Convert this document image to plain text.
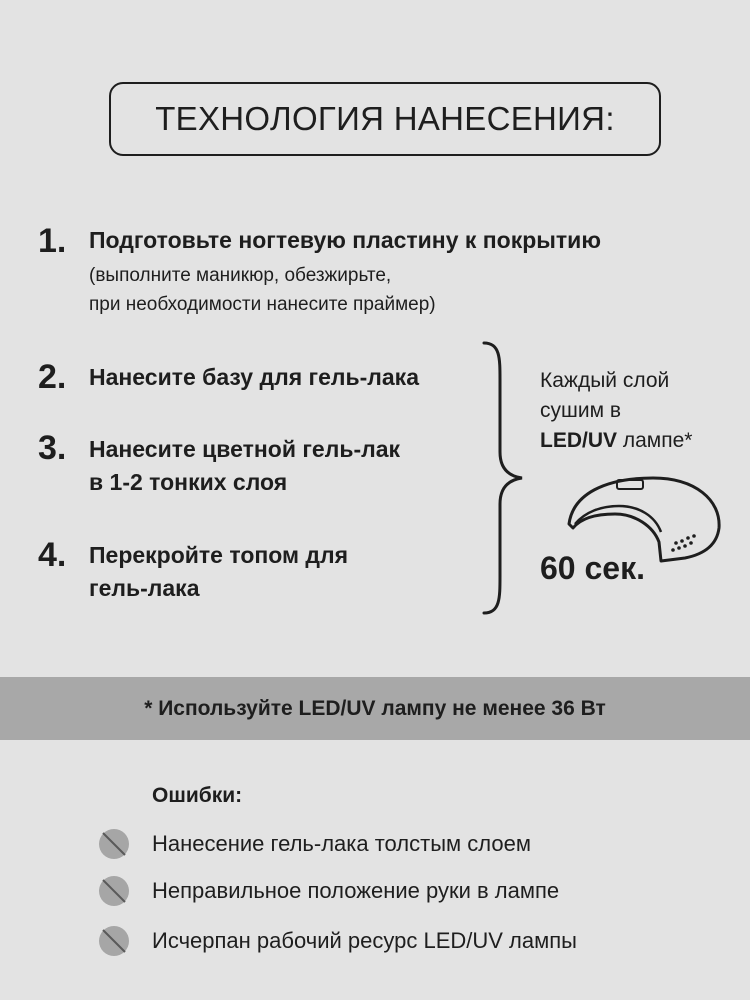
ТЕХНОЛОГИЯ НАНЕСЕНИЯ:
1. Подготовьте ногтевую пластину к покрытию
(выполните маникюр, обезжирьте,
при необходимости нанесите праймер)
2. Нанесите базу для гель-лака
3. Нанесите цветной гель-лак
в 1-2 тонких слоя
4. Перекройте топом для
гель-лака
Каждый слой
сушим в
LED/UV лампе*
60 сек.
* Используйте LED/UV лампу не менее 36 Вт
Ошибки:
Нанесение гель-лака толстым слоем
Неправильное положение руки в лампе
Исчерпан рабочий ресурс LED/UV лампы
